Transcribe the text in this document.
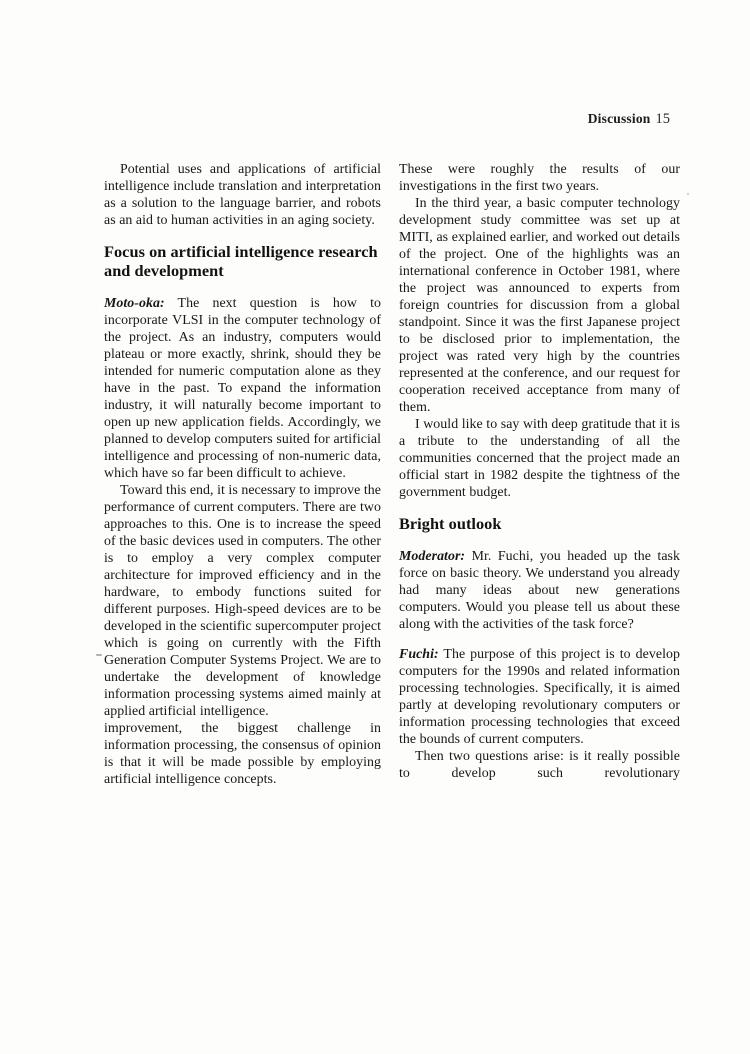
Discussion 15

Potential uses and applications of artificial intelligence include translation and interpretation as a solution to the language barrier, and robots as an aid to human activities in an aging society.

Focus on artificial intelligence research and development

Moto-oka: The next question is how to incorporate VLSI in the computer technology of the project. As an industry, computers would plateau or more exactly, shrink, should they be intended for numeric computation alone as they have in the past. To expand the information industry, it will naturally become important to open up new application fields. Accordingly, we planned to develop computers suited for artificial intelligence and processing of non-numeric data, which have so far been difficult to achieve.

Toward this end, it is necessary to improve the performance of current computers. There are two approaches to this. One is to increase the speed of the basic devices used in computers. The other is to employ a very complex computer architecture for improved efficiency and in the hardware, to embody functions suited for different purposes. High-speed devices are to be developed in the scientific supercomputer project which is going on currently with the Fifth Generation Computer Systems Project. We are to undertake the development of knowledge information processing systems aimed mainly at applied artificial intelligence.

improvement, the biggest challenge in information processing, the consensus of opinion is that it will be made possible by employing artificial intelligence concepts.

These were roughly the results of our investigations in the first two years.

In the third year, a basic computer technology development study committee was set up at MITI, as explained earlier, and worked out details of the project. One of the highlights was an international conference in October 1981, where the project was announced to experts from foreign countries for discussion from a global standpoint. Since it was the first Japanese project to be disclosed prior to implementation, the project was rated very high by the countries represented at the conference, and our request for cooperation received acceptance from many of them.

I would like to say with deep gratitude that it is a tribute to the understanding of all the communities concerned that the project made an official start in 1982 despite the tightness of the government budget.

Bright outlook

Moderator: Mr. Fuchi, you headed up the task force on basic theory. We understand you already had many ideas about new generations computers. Would you please tell us about these along with the activities of the task force?

Fuchi: The purpose of this project is to develop computers for the 1990s and related information processing technologies. Specifically, it is aimed partly at developing revolutionary computers or information processing technologies that exceed the bounds of current computers.

Then two questions arise: is it really possible to develop such revolutionary
